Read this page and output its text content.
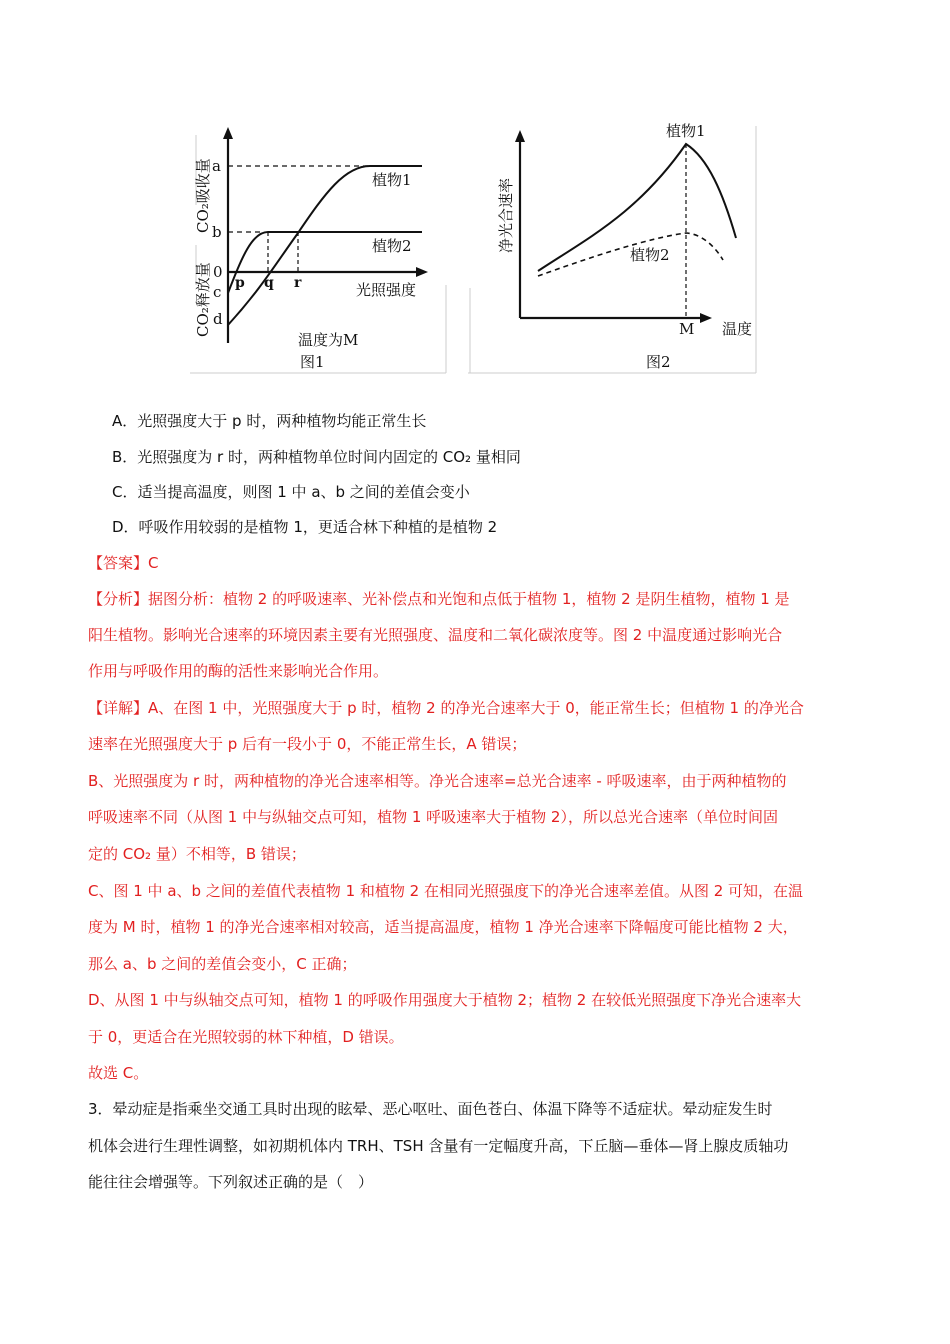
CO₂吸收量
CO₂释放量
a
b
0
c
d
p q r	光照强度
植物1
植物2
温度为M
图1
净光合速率
植物1
植物2
M 温度
图2
A．光照强度大于 p 时，两种植物均能正常生长
B．光照强度为 r 时，两种植物单位时间内固定的 CO₂ 量相同
C．适当提高温度，则图 1 中 a、b 之间的差值会变小
D．呼吸作用较弱的是植物 1，更适合林下种植的是植物 2
【答案】C
【分析】据图分析：植物 2 的呼吸速率、光补偿点和光饱和点低于植物 1，植物 2 是阴生植物，植物 1 是
阳生植物。影响光合速率的环境因素主要有光照强度、温度和二氧化碳浓度等。图 2 中温度通过影响光合
作用与呼吸作用的酶的活性来影响光合作用。
【详解】A、在图 1 中，光照强度大于 p 时，植物 2 的净光合速率大于 0，能正常生长；但植物 1 的净光合
速率在光照强度大于 p 后有一段小于 0，不能正常生长，A 错误；
B、光照强度为 r 时，两种植物的净光合速率相等。净光合速率=总光合速率 - 呼吸速率，由于两种植物的
呼吸速率不同（从图 1 中与纵轴交点可知，植物 1 呼吸速率大于植物 2），所以总光合速率（单位时间固
定的 CO₂ 量）不相等，B 错误；
C、图 1 中 a、b 之间的差值代表植物 1 和植物 2 在相同光照强度下的净光合速率差值。从图 2 可知，在温
度为 M 时，植物 1 的净光合速率相对较高，适当提高温度，植物 1 净光合速率下降幅度可能比植物 2 大，
那么 a、b 之间的差值会变小，C 正确；
D、从图 1 中与纵轴交点可知，植物 1 的呼吸作用强度大于植物 2；植物 2 在较低光照强度下净光合速率大
于 0，更适合在光照较弱的林下种植，D 错误。
故选 C。
3．晕动症是指乘坐交通工具时出现的眩晕、恶心呕吐、面色苍白、体温下降等不适症状。晕动症发生时
机体会进行生理性调整，如初期机体内 TRH、TSH 含量有一定幅度升高，下丘脑—垂体—肾上腺皮质轴功
能往往会增强等。下列叙述正确的是（　）
